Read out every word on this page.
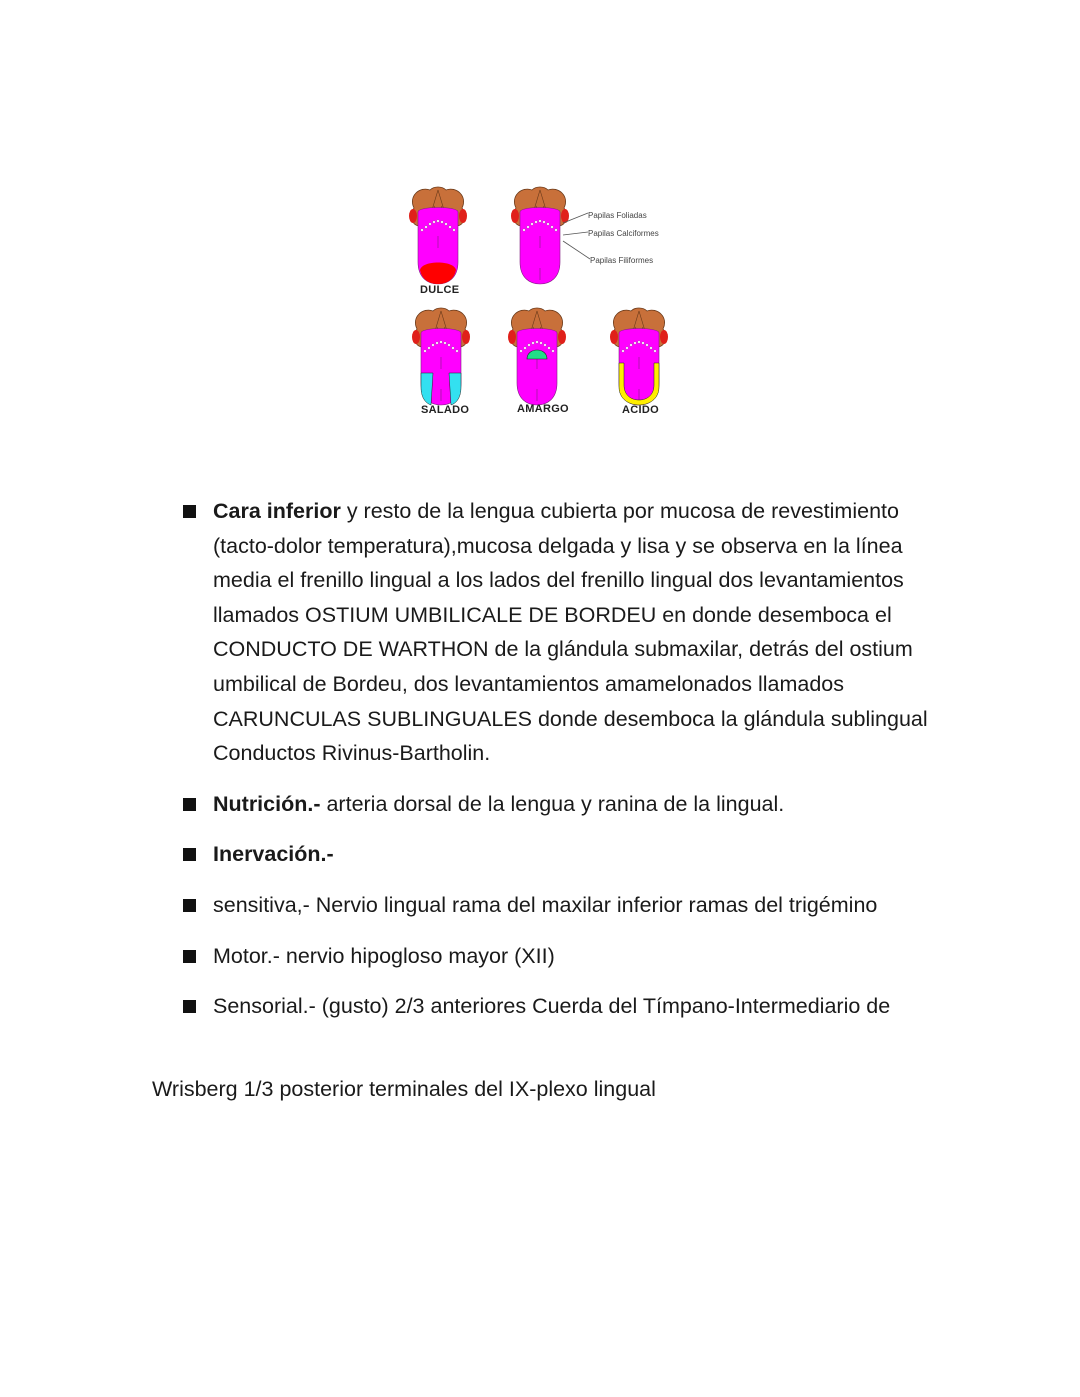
DULCE
Papilas Foliadas
Papilas Calciformes
Papilas Filiformes
SALADO	AMARGO	ACIDO
Cara inferior y resto de la lengua cubierta por mucosa de revestimiento (tacto-dolor temperatura),mucosa delgada y lisa y se observa en la línea media el frenillo lingual a los lados del frenillo lingual dos levantamientos llamados OSTIUM UMBILICALE DE BORDEU en donde desemboca el CONDUCTO DE WARTHON de la glándula submaxilar, detrás del ostium umbilical de Bordeu, dos levantamientos amamelonados llamados CARUNCULAS SUBLINGUALES donde desemboca la glándula sublingual Conductos Rivinus-Bartholin.
Nutrición.- arteria dorsal de la lengua y ranina de la lingual.
Inervación.-
sensitiva,- Nervio lingual rama del maxilar inferior ramas del trigémino
Motor.- nervio hipogloso mayor (XII)
Sensorial.- (gusto) 2/3 anteriores Cuerda del Tímpano-Intermediario de
Wrisberg 1/3 posterior terminales del IX-plexo lingual
